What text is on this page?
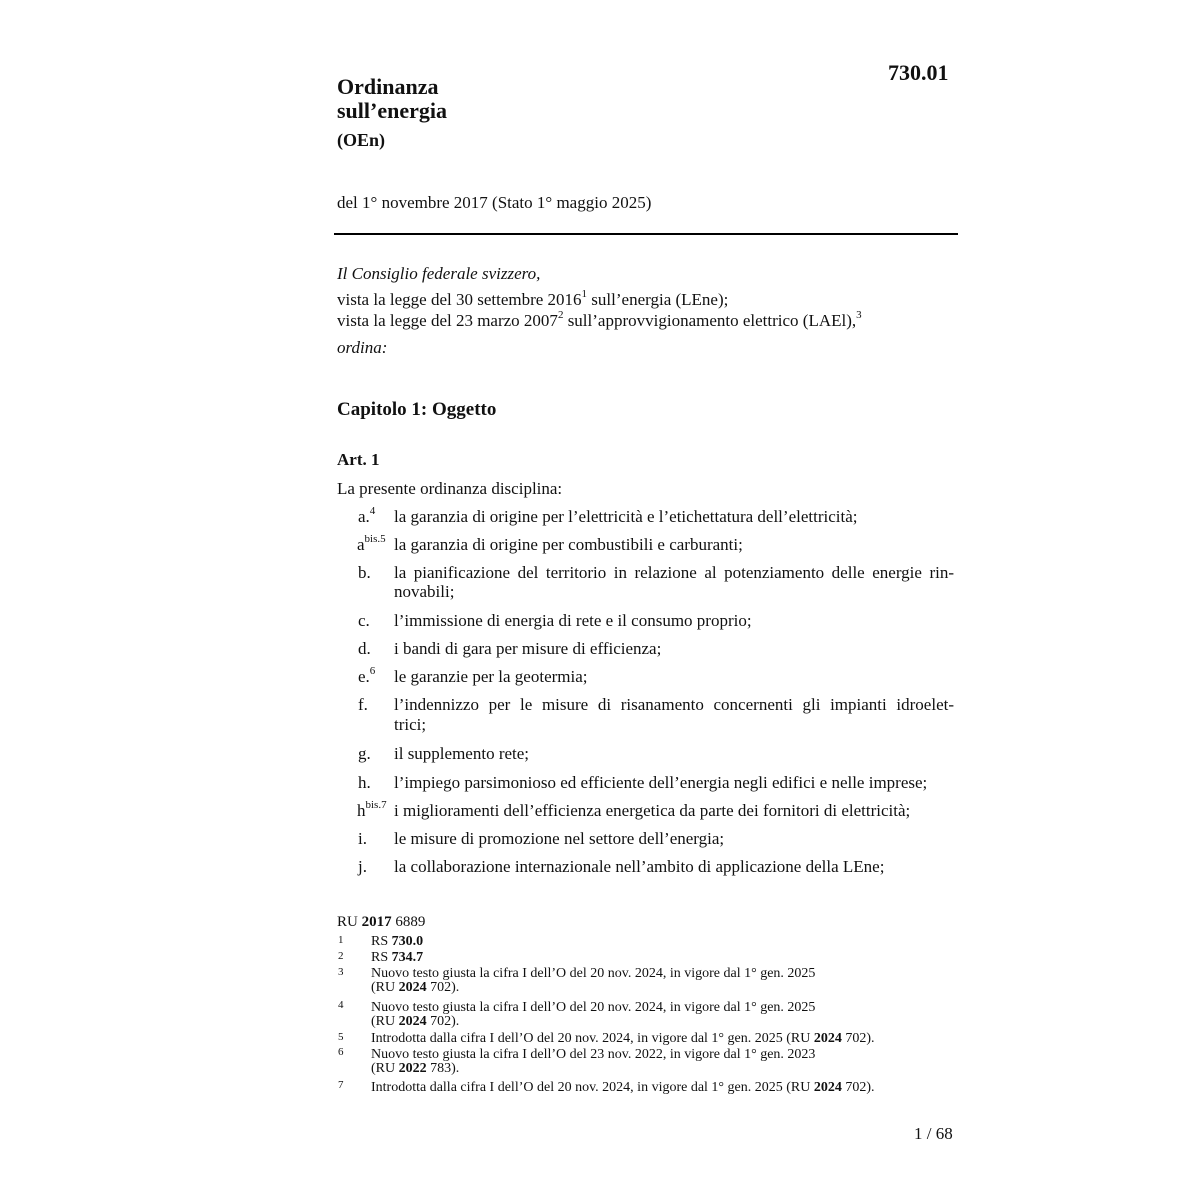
730.01
Ordinanza
sull’energia
(OEn)
del 1° novembre 2017 (Stato 1° maggio 2025)
Il Consiglio federale svizzero,
vista la legge del 30 settembre 2016$^1$ sull’energia (LEne);
vista la legge del 23 marzo 2007$^2$ sull’approvvigionamento elettrico (LAEl),$^3$
ordina:
Capitolo 1: Oggetto
Art. 1
La presente ordinanza disciplina:
a.$^4$ la garanzia di origine per l’elettricità e l’etichettatura dell’elettricità;
$a^{bis.5}$ la garanzia di origine per combustibili e carburanti;
b. la pianificazione del territorio in relazione al potenziamento delle energie rin-
novabili;
c. l’immissione di energia di rete e il consumo proprio;
d. i bandi di gara per misure di efficienza;
e.$^6$ le garanzie per la geotermia;
f. l’indennizzo per le misure di risanamento concernenti gli impianti idroelet-
trici;
g. il supplemento rete;
h. l’impiego parsimonioso ed efficiente dell’energia negli edifici e nelle imprese;
$h^{bis.7}$ i miglioramenti dell’efficienza energetica da parte dei fornitori di elettricità;
i. le misure di promozione nel settore dell’energia;
j. la collaborazione internazionale nell’ambito di applicazione della LEne;
RU 2017 6889
1 RS 730.0
2 RS 734.7
3 Nuovo testo giusta la cifra I dell’O del 20 nov. 2024, in vigore dal 1° gen. 2025
(RU 2024 702).
4 Nuovo testo giusta la cifra I dell’O del 20 nov. 2024, in vigore dal 1° gen. 2025
(RU 2024 702).
5 Introdotta dalla cifra I dell’O del 20 nov. 2024, in vigore dal 1° gen. 2025 (RU 2024 702).
6 Nuovo testo giusta la cifra I dell’O del 23 nov. 2022, in vigore dal 1° gen. 2023
(RU 2022 783).
7 Introdotta dalla cifra I dell’O del 20 nov. 2024, in vigore dal 1° gen. 2025 (RU 2024 702).
1 / 68
